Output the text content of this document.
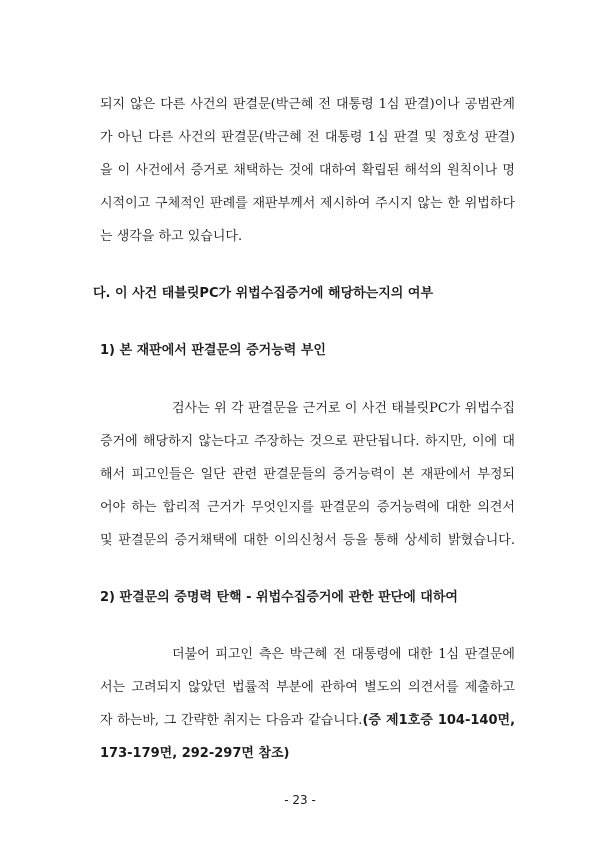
되지 않은 다른 사건의 판결문(박근혜 전 대통령 1심 판결)이나 공범관계
가 아닌 다른 사건의 판결문(박근혜 전 대통령 1심 판결 및 정호성 판결)
을 이 사건에서 증거로 채택하는 것에 대하여 확립된 해석의 원칙이나 명
시적이고 구체적인 판례를 재판부께서 제시하여 주시지 않는 한 위법하다
는 생각을 하고 있습니다.
다. 이 사건 태블릿PC가 위법수집증거에 해당하는지의 여부
1) 본 재판에서 판결문의 증거능력 부인
검사는 위 각 판결문을 근거로 이 사건 태블릿PC가 위법수집
증거에 해당하지 않는다고 주장하는 것으로 판단됩니다. 하지만, 이에 대
해서 피고인들은 일단 관련 판결문들의 증거능력이 본 재판에서 부정되
어야 하는 합리적 근거가 무엇인지를 판결문의 증거능력에 대한 의견서
및 판결문의 증거채택에 대한 이의신청서 등을 통해 상세히 밝혔습니다.
2) 판결문의 증명력 탄핵 - 위법수집증거에 관한 판단에 대하여
더불어 피고인 측은 박근혜 전 대통령에 대한 1심 판결문에
서는 고려되지 않았던 법률적 부분에 관하여 별도의 의견서를 제출하고
자 하는바, 그 간략한 취지는 다음과 같습니다.(증 제1호증 104-140면,
173-179면, 292-297면 참조)
- 23 -
